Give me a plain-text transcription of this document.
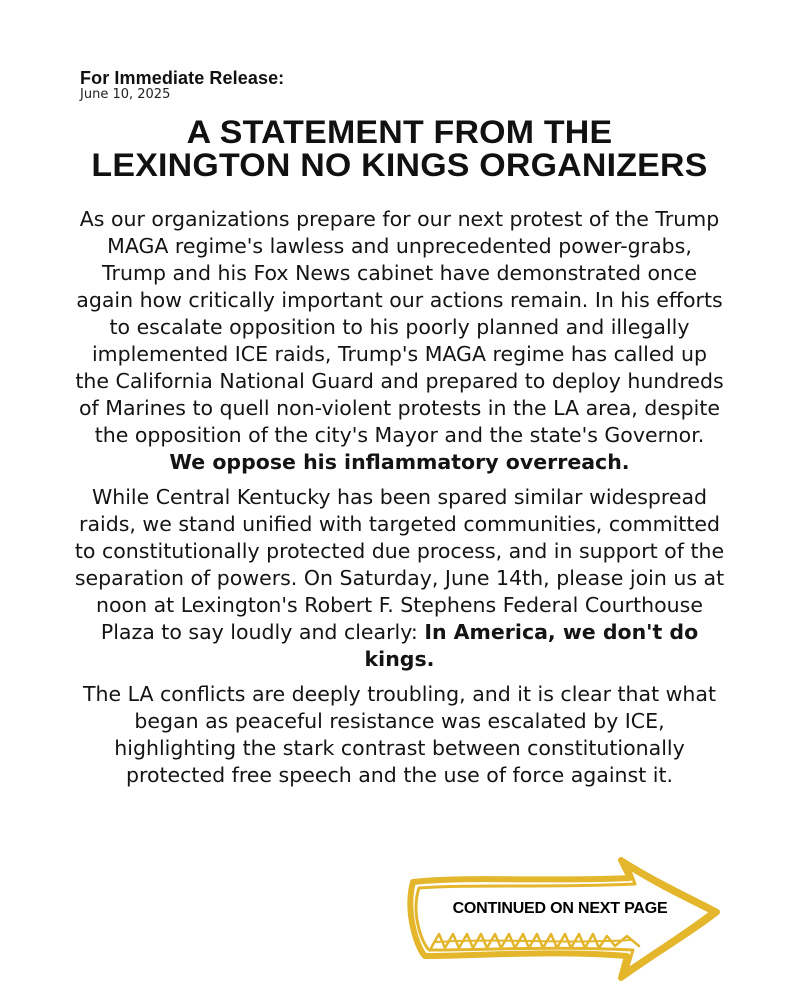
For Immediate Release:
June 10, 2025
A STATEMENT FROM THE
LEXINGTON NO KINGS ORGANIZERS

As our organizations prepare for our next protest of the Trump MAGA regime's lawless and unprecedented power-grabs, Trump and his Fox News cabinet have demonstrated once again how critically important our actions remain. In his efforts to escalate opposition to his poorly planned and illegally implemented ICE raids, Trump's MAGA regime has called up the California National Guard and prepared to deploy hundreds of Marines to quell non-violent protests in the LA area, despite the opposition of the city's Mayor and the state's Governor. We oppose his inflammatory overreach.

While Central Kentucky has been spared similar widespread raids, we stand unified with targeted communities, committed to constitutionally protected due process, and in support of the separation of powers. On Saturday, June 14th, please join us at noon at Lexington's Robert F. Stephens Federal Courthouse Plaza to say loudly and clearly: In America, we don't do kings.

The LA conflicts are deeply troubling, and it is clear that what began as peaceful resistance was escalated by ICE, highlighting the stark contrast between constitutionally protected free speech and the use of force against it.

CONTINUED ON NEXT PAGE
